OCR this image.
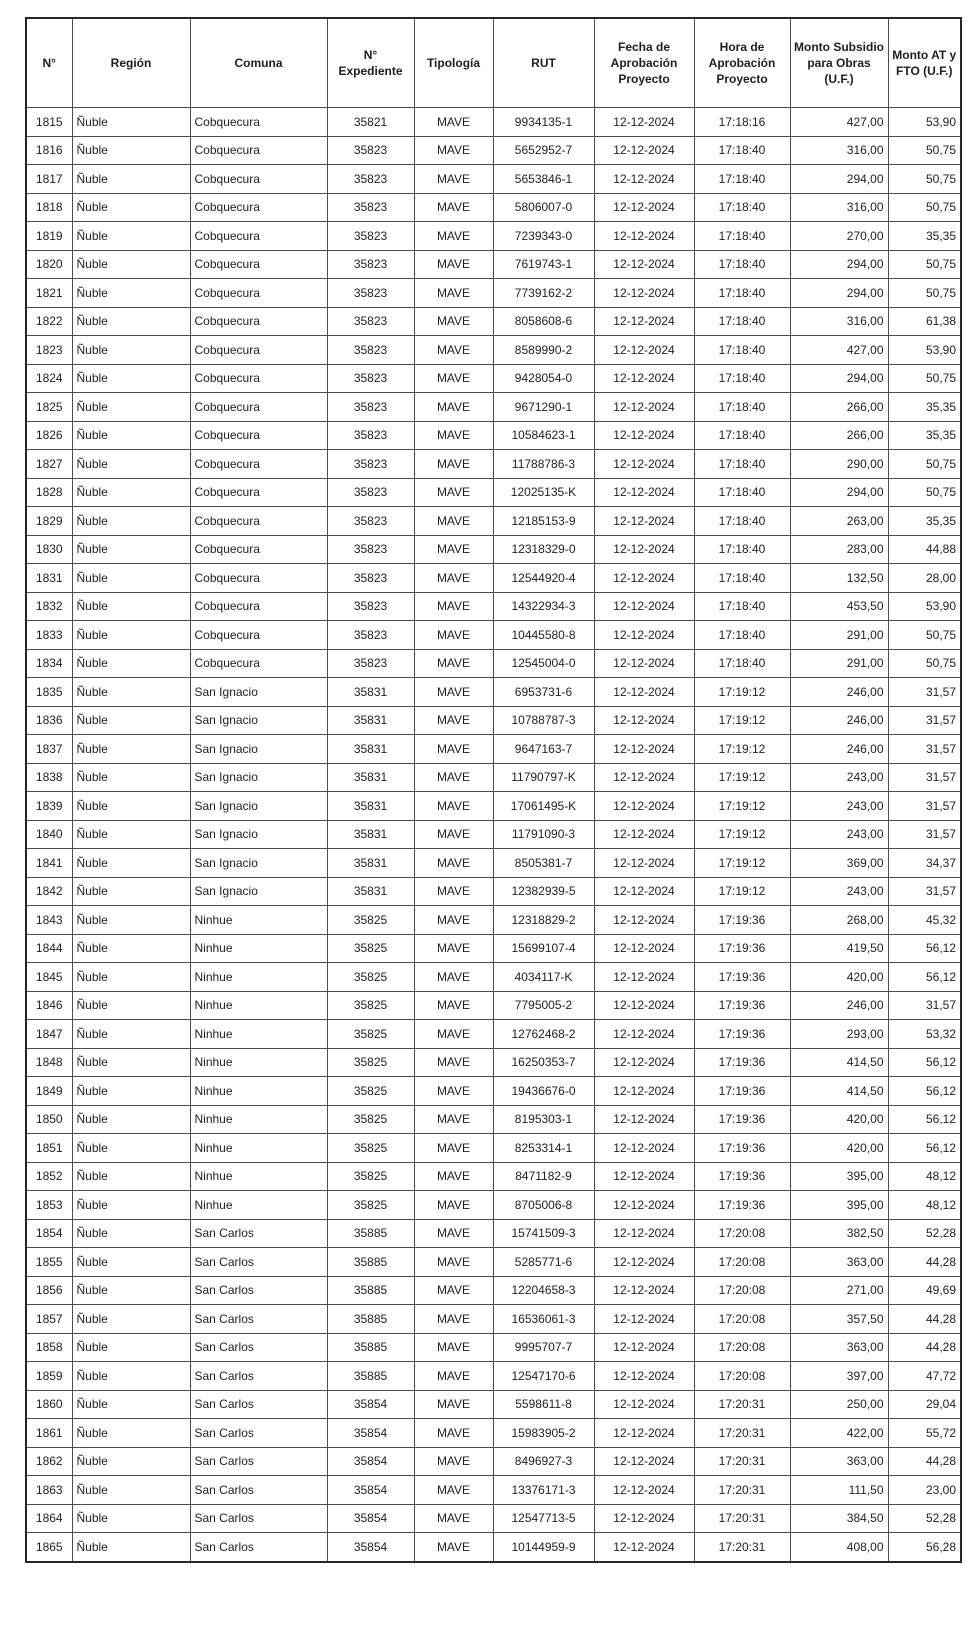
N°	Región	Comuna	N° Expediente	Tipología	RUT	Fecha de Aprobación Proyecto	Hora de Aprobación Proyecto	Monto Subsidio para Obras (U.F.)	Monto AT y FTO (U.F.)
1815	Ñuble	Cobquecura	35821	MAVE	9934135-1	12-12-2024	17:18:16	427,00	53,90
1816	Ñuble	Cobquecura	35823	MAVE	5652952-7	12-12-2024	17:18:40	316,00	50,75
1817	Ñuble	Cobquecura	35823	MAVE	5653846-1	12-12-2024	17:18:40	294,00	50,75
1818	Ñuble	Cobquecura	35823	MAVE	5806007-0	12-12-2024	17:18:40	316,00	50,75
1819	Ñuble	Cobquecura	35823	MAVE	7239343-0	12-12-2024	17:18:40	270,00	35,35
1820	Ñuble	Cobquecura	35823	MAVE	7619743-1	12-12-2024	17:18:40	294,00	50,75
1821	Ñuble	Cobquecura	35823	MAVE	7739162-2	12-12-2024	17:18:40	294,00	50,75
1822	Ñuble	Cobquecura	35823	MAVE	8058608-6	12-12-2024	17:18:40	316,00	61,38
1823	Ñuble	Cobquecura	35823	MAVE	8589990-2	12-12-2024	17:18:40	427,00	53,90
1824	Ñuble	Cobquecura	35823	MAVE	9428054-0	12-12-2024	17:18:40	294,00	50,75
1825	Ñuble	Cobquecura	35823	MAVE	9671290-1	12-12-2024	17:18:40	266,00	35,35
1826	Ñuble	Cobquecura	35823	MAVE	10584623-1	12-12-2024	17:18:40	266,00	35,35
1827	Ñuble	Cobquecura	35823	MAVE	11788786-3	12-12-2024	17:18:40	290,00	50,75
1828	Ñuble	Cobquecura	35823	MAVE	12025135-K	12-12-2024	17:18:40	294,00	50,75
1829	Ñuble	Cobquecura	35823	MAVE	12185153-9	12-12-2024	17:18:40	263,00	35,35
1830	Ñuble	Cobquecura	35823	MAVE	12318329-0	12-12-2024	17:18:40	283,00	44,88
1831	Ñuble	Cobquecura	35823	MAVE	12544920-4	12-12-2024	17:18:40	132,50	28,00
1832	Ñuble	Cobquecura	35823	MAVE	14322934-3	12-12-2024	17:18:40	453,50	53,90
1833	Ñuble	Cobquecura	35823	MAVE	10445580-8	12-12-2024	17:18:40	291,00	50,75
1834	Ñuble	Cobquecura	35823	MAVE	12545004-0	12-12-2024	17:18:40	291,00	50,75
1835	Ñuble	San Ignacio	35831	MAVE	6953731-6	12-12-2024	17:19:12	246,00	31,57
1836	Ñuble	San Ignacio	35831	MAVE	10788787-3	12-12-2024	17:19:12	246,00	31,57
1837	Ñuble	San Ignacio	35831	MAVE	9647163-7	12-12-2024	17:19:12	246,00	31,57
1838	Ñuble	San Ignacio	35831	MAVE	11790797-K	12-12-2024	17:19:12	243,00	31,57
1839	Ñuble	San Ignacio	35831	MAVE	17061495-K	12-12-2024	17:19:12	243,00	31,57
1840	Ñuble	San Ignacio	35831	MAVE	11791090-3	12-12-2024	17:19:12	243,00	31,57
1841	Ñuble	San Ignacio	35831	MAVE	8505381-7	12-12-2024	17:19:12	369,00	34,37
1842	Ñuble	San Ignacio	35831	MAVE	12382939-5	12-12-2024	17:19:12	243,00	31,57
1843	Ñuble	Ninhue	35825	MAVE	12318829-2	12-12-2024	17:19:36	268,00	45,32
1844	Ñuble	Ninhue	35825	MAVE	15699107-4	12-12-2024	17:19:36	419,50	56,12
1845	Ñuble	Ninhue	35825	MAVE	4034117-K	12-12-2024	17:19:36	420,00	56,12
1846	Ñuble	Ninhue	35825	MAVE	7795005-2	12-12-2024	17:19:36	246,00	31,57
1847	Ñuble	Ninhue	35825	MAVE	12762468-2	12-12-2024	17:19:36	293,00	53,32
1848	Ñuble	Ninhue	35825	MAVE	16250353-7	12-12-2024	17:19:36	414,50	56,12
1849	Ñuble	Ninhue	35825	MAVE	19436676-0	12-12-2024	17:19:36	414,50	56,12
1850	Ñuble	Ninhue	35825	MAVE	8195303-1	12-12-2024	17:19:36	420,00	56,12
1851	Ñuble	Ninhue	35825	MAVE	8253314-1	12-12-2024	17:19:36	420,00	56,12
1852	Ñuble	Ninhue	35825	MAVE	8471182-9	12-12-2024	17:19:36	395,00	48,12
1853	Ñuble	Ninhue	35825	MAVE	8705006-8	12-12-2024	17:19:36	395,00	48,12
1854	Ñuble	San Carlos	35885	MAVE	15741509-3	12-12-2024	17:20:08	382,50	52,28
1855	Ñuble	San Carlos	35885	MAVE	5285771-6	12-12-2024	17:20:08	363,00	44,28
1856	Ñuble	San Carlos	35885	MAVE	12204658-3	12-12-2024	17:20:08	271,00	49,69
1857	Ñuble	San Carlos	35885	MAVE	16536061-3	12-12-2024	17:20:08	357,50	44,28
1858	Ñuble	San Carlos	35885	MAVE	9995707-7	12-12-2024	17:20:08	363,00	44,28
1859	Ñuble	San Carlos	35885	MAVE	12547170-6	12-12-2024	17:20:08	397,00	47,72
1860	Ñuble	San Carlos	35854	MAVE	5598611-8	12-12-2024	17:20:31	250,00	29,04
1861	Ñuble	San Carlos	35854	MAVE	15983905-2	12-12-2024	17:20:31	422,00	55,72
1862	Ñuble	San Carlos	35854	MAVE	8496927-3	12-12-2024	17:20:31	363,00	44,28
1863	Ñuble	San Carlos	35854	MAVE	13376171-3	12-12-2024	17:20:31	111,50	23,00
1864	Ñuble	San Carlos	35854	MAVE	12547713-5	12-12-2024	17:20:31	384,50	52,28
1865	Ñuble	San Carlos	35854	MAVE	10144959-9	12-12-2024	17:20:31	408,00	56,28
